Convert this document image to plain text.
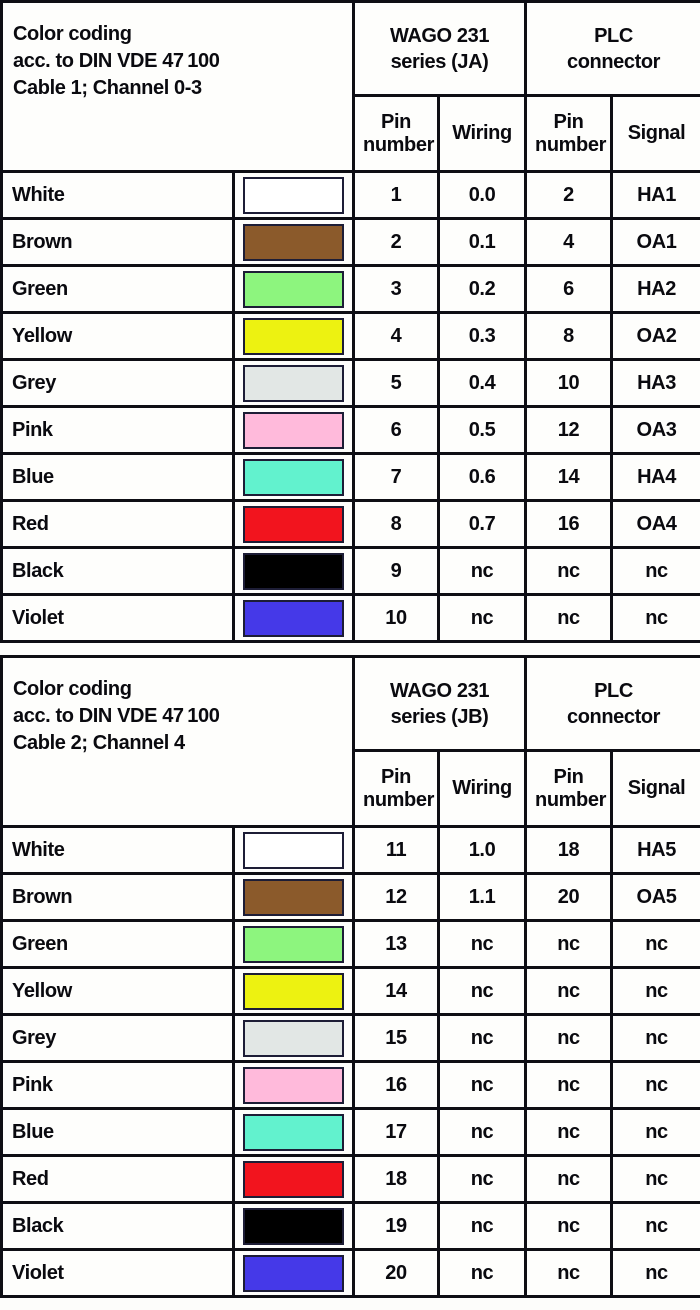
Color coding
acc. to DIN VDE 47 100
Cable 1; Channel 0-3		WAGO 231
series (JA)		PLC
connector	

		Pin number	Wiring	Pin number	Signal
White		1	0.0	2	HA1
Brown		2	0.1	4	OA1
Green		3	0.2	6	HA2
Yellow		4	0.3	8	OA2
Grey		5	0.4	10	HA3
Pink		6	0.5	12	OA3
Blue		7	0.6	14	HA4
Red		8	0.7	16	OA4
Black		9	nc	nc	nc
Violet		10	nc	nc	nc
Color coding
acc. to DIN VDE 47 100
Cable 2; Channel 4		WAGO 231
series (JB)		PLC
connector	

		Pin number	Wiring	Pin number	Signal
White		11	1.0	18	HA5
Brown		12	1.1	20	OA5
Green		13	nc	nc	nc
Yellow		14	nc	nc	nc
Grey		15	nc	nc	nc
Pink		16	nc	nc	nc
Blue		17	nc	nc	nc
Red		18	nc	nc	nc
Black		19	nc	nc	nc
Violet		20	nc	nc	nc
